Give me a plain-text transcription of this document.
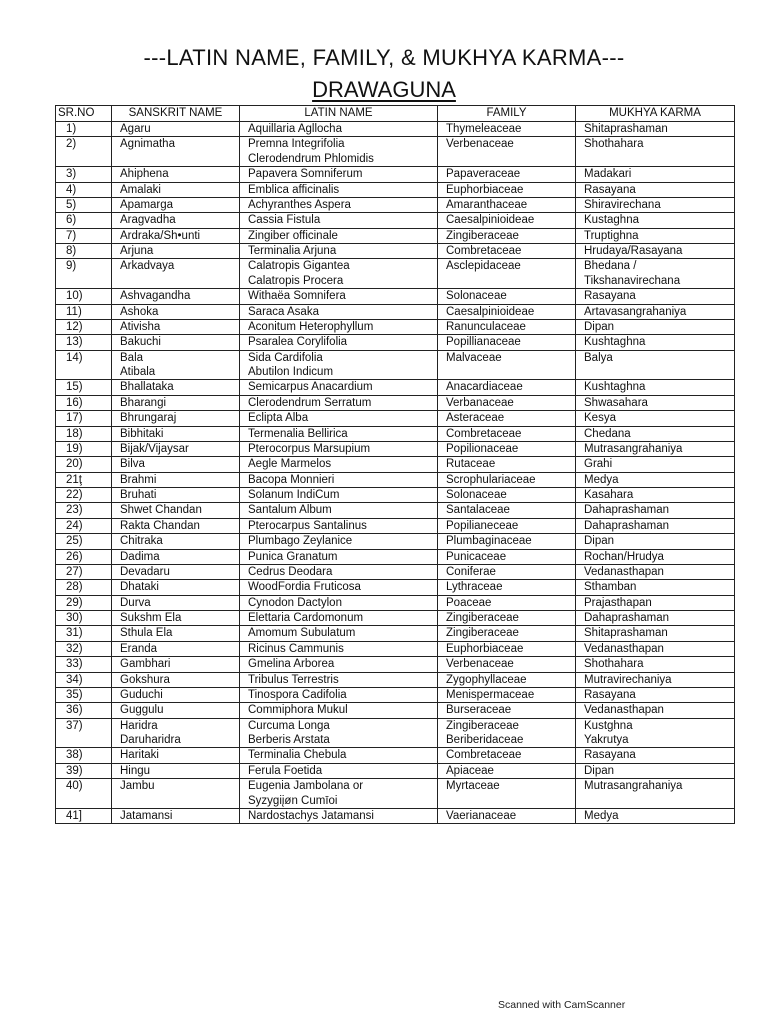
---LATIN NAME, FAMILY, & MUKHYA KARMA---
DRAWAGUNA
SR.NO	SANSKRIT NAME	LATIN NAME	FAMILY	MUKHYA KARMA
1)	Agaru	Aquillaria Agllocha	Thymeleaceae	Shitaprashaman

2)	Agnimatha	Premna Integrifolia
Clerodendrum Phlomidis	Verbenaceae	Shothahara

3)	Ahiphena	Papavera Somniferum	Papaveraceae	Madakari

4)	Amalaki	Emblica afficinalis	Euphorbiaceae	Rasayana

5)	Apamarga	Achyranthes Aspera	Amaranthaceae	Shiravirechana

6)	Aragvadha	Cassia Fistula	Caesalpinioideae	Kustaghna

7)	Ardraka/Sh•unti	Zingiber officinale	Zingiberaceae	Truptighna

8)	Arjuna	Terminalia Arjuna	Combretaceae	Hrudaya/Rasayana

9)	Arkadvaya	Calatropis Gigantea
Calatropis Procera	Asclepidaceae	Bhedana /
Tikshanavirechana

10)	Ashvagandha	Withaëa Somnifera	Solonaceae	Rasayana

11)	Ashoka	Saraca Asaka	Caesalpinioideae	Artavasangrahaniya

12)	Ativisha	Aconitum Heterophyllum	Ranunculaceae	Dipan

13)	Bakuchi	Psaralea Corylifolia	Popillianaceae	Kushtaghna

14)	Bala
Atibala	Sida Cardifolia
Abutilon Indicum	Malvaceae	Balya

15)	Bhallataka	Semicarpus Anacardium	Anacardiaceae	Kushtaghna

16)	Bharangi	Clerodendrum Serratum	Verbanaceae	Shwasahara

17)	Bhrungaraj	Eclipta Alba	Asteraceae	Kesya

18)	Bibhitaki	Termenalia Bellirica	Combretaceae	Chedana

19)	Bijak/Vijaysar	Pterocorpus Marsupium	Popilionaceae	Mutrasangrahaniya

20)	Bilva	Aegle Marmelos	Rutaceae	Grahi

21ţ	Brahmi	Bacopa Monnieri	Scrophulariaceae	Medya

22)	Bruhati	Solanum IndiCum	Solonaceae	Kasahara

23)	Shwet Chandan	Santalum Album	Santalaceae	Dahaprashaman

24)	Rakta Chandan	Pterocarpus Santalinus	Popilianeceae	Dahaprashaman

25)	Chitraka	Plumbago Zeylanice	Plumbaginaceae	Dipan

26)	Dadima	Punica Granatum	Punicaceae	Rochan/Hrudya

27)	Devadaru	Cedrus Deodara	Coniferae	Vedanasthapan

28)	Dhataki	WoodFordia Fruticosa	Lythraceae	Sthamban

29)	Durva	Cynodon Dactylon	Poaceae	Prajasthapan

30)	Sukshm Ela	Elettaria Cardomonum	Zingiberaceae	Dahaprashaman

31)	Sthula Ela	Amomum Subulatum	Zingiberaceae	Shitaprashaman

32)	Eranda	Ricinus Cammunis	Euphorbiaceae	Vedanasthapan

33)	Gambhari	Gmelina Arborea	Verbenaceae	Shothahara

34)	Gokshura	Tribulus Terrestris	Zygophyllaceae	Mutravirechaniya

35)	Guduchi	Tinospora Cadifolia	Menispermaceae	Rasayana

36)	Guggulu	Commiphora Mukul	Burseraceae	Vedanasthapan

37)	Haridra
Daruharidra	Curcuma Longa
Berberis Arstata	Zingiberaceae
Beriberidaceae	Kustghna
Yakrutya

38)	Haritaki	Terminalia Chebula	Combretaceae	Rasayana

39)	Hingu	Ferula Foetida	Apiaceae	Dipan

40)	Jambu	Eugenia Jambolana or
Syzygiįøn Cumīoi	Myrtaceae	Mutrasangrahaniya

41]	Jatamansi	Nardostachys Jatamansi	Vaerianaceae	Medya
Scanned with CamScanner
